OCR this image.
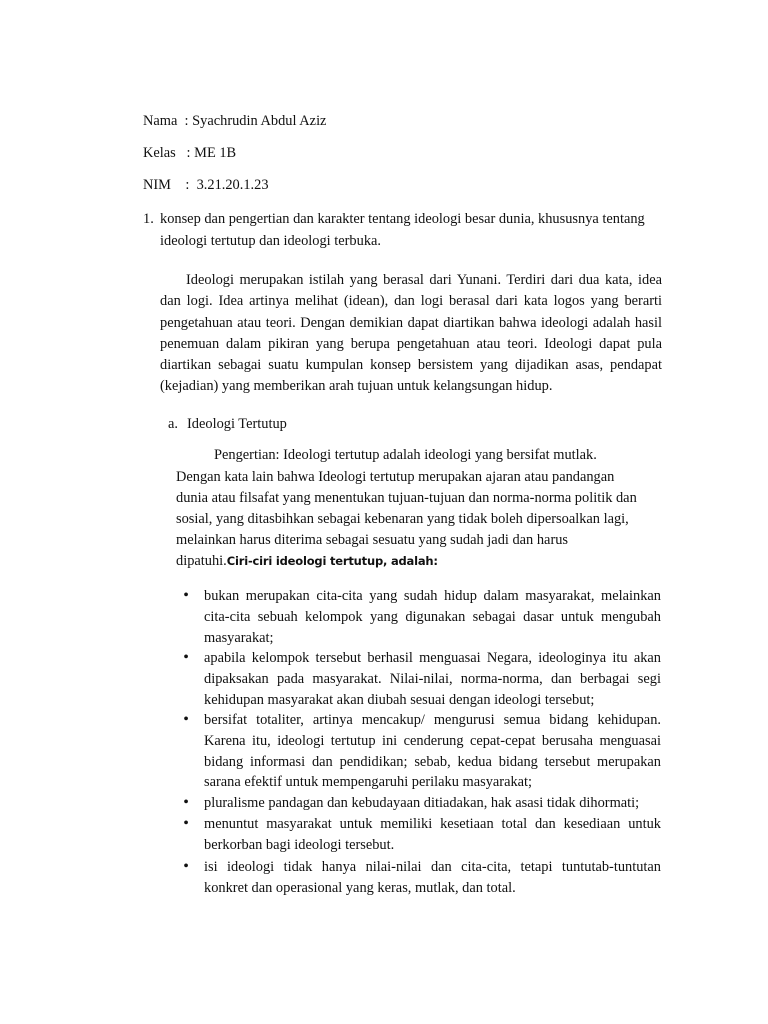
Nama  : Syachrudin Abdul Aziz
Kelas   : ME 1B
NIM    :  3.21.20.1.23
1. konsep dan pengertian dan karakter tentang ideologi besar dunia, khususnya tentang
ideologi tertutup dan ideologi terbuka.
Ideologi merupakan istilah yang berasal dari Yunani. Terdiri dari dua kata, idea dan logi. Idea artinya melihat (idean), dan logi berasal dari kata logos yang berarti pengetahuan atau teori. Dengan demikian dapat diartikan bahwa ideologi adalah hasil penemuan dalam pikiran yang berupa pengetahuan atau teori. Ideologi dapat pula diartikan sebagai suatu kumpulan konsep bersistem yang dijadikan asas, pendapat (kejadian) yang memberikan arah tujuan untuk kelangsungan hidup.
a. Ideologi Tertutup
Pengertian: Ideologi tertutup adalah ideologi yang bersifat mutlak.
Dengan kata lain bahwa Ideologi tertutup merupakan ajaran atau pandangan
dunia atau filsafat yang menentukan tujuan-tujuan dan norma-norma politik dan
sosial, yang ditasbihkan sebagai kebenaran yang tidak boleh dipersoalkan lagi,
melainkan harus diterima sebagai sesuatu yang sudah jadi dan harus
dipatuhi.Ciri-ciri ideologi tertutup, adalah:
• bukan merupakan cita-cita yang sudah hidup dalam masyarakat, melainkan cita-cita sebuah kelompok yang digunakan sebagai dasar untuk mengubah masyarakat;
• apabila kelompok tersebut berhasil menguasai Negara, ideologinya itu akan dipaksakan pada masyarakat. Nilai-nilai, norma-norma, dan berbagai segi kehidupan masyarakat akan diubah sesuai dengan ideologi tersebut;
• bersifat totaliter, artinya mencakup/ mengurusi semua bidang kehidupan. Karena itu, ideologi tertutup ini cenderung cepat-cepat berusaha menguasai bidang informasi dan pendidikan; sebab, kedua bidang tersebut merupakan sarana efektif untuk mempengaruhi perilaku masyarakat;
• pluralisme pandagan dan kebudayaan ditiadakan, hak asasi tidak dihormati;
• menuntut masyarakat untuk memiliki kesetiaan total dan kesediaan untuk berkorban bagi ideologi tersebut.
• isi ideologi tidak hanya nilai-nilai dan cita-cita, tetapi tuntutab-tuntutan konkret dan operasional yang keras, mutlak, dan total.
